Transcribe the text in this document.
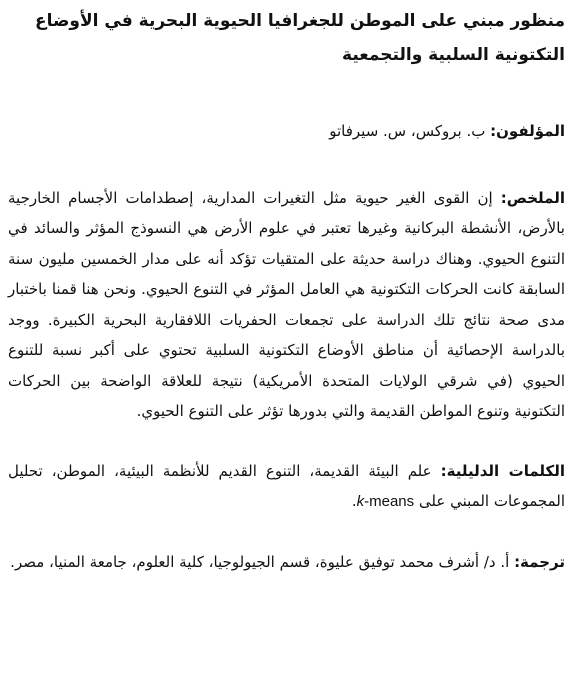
منظور مبني على الموطن للجغرافيا الحيوية البحرية في الأوضاع التكتونية السلبية والتجمعية

المؤلفون: ب. بروكس، س. سيرفاتو

الملخص: إن القوى الغير حيوية مثل التغيرات المدارية، إصطدامات الأجسام الخارجية بالأرض، الأنشطة البركانية وغيرها تعتبر في علوم الأرض هي النسوذج المؤثر والسائد في التنوع الحيوي. وهناك دراسة حديثة على المتقيات تؤكد أنه على مدار الخمسين مليون سنة السابقة كانت الحركات التكتونية هي العامل المؤثر في التنوع الحيوي. ونحن هنا قمنا باختبار مدى صحة نتائج تلك الدراسة على تجمعات الحفريات اللافقارية البحرية الكبيرة. ووجد بالدراسة الإحصائية أن مناطق الأوضاع التكتونية السلبية تحتوي على أكبر نسبة للتنوع الحيوي (في شرقي الولايات المتحدة الأمريكية) نتيجة للعلاقة الواضحة بين الحركات التكتونية وتنوع المواطن القديمة والتي بدورها تؤثر على التنوع الحيوي.

الكلمات الدليلية: علم البيئة القديمة، التنوع القديم للأنظمة البيئية، الموطن، تحليل المجموعات المبني على k-means.

ترجمة: أ. د/ أشرف محمد توفيق عليوة، قسم الجيولوجيا، كلية العلوم، جامعة المنيا، مصر.
